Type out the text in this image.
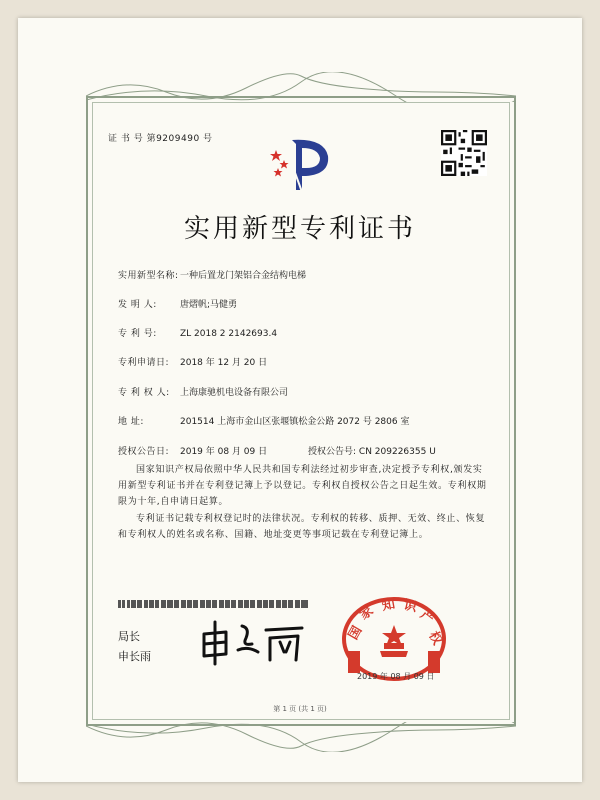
证 书 号 第9209490 号
实用新型专利证书
实用新型名称:一种后置龙门架铝合金结构电梯
发 明 人:	唐熠帆;马健勇
专 利 号:	ZL 2018 2 2142693.4
专利申请日: 2018 年 12 月 20 日
专 利 权 人: 上海康驰机电设备有限公司
地 址:	201514 上海市金山区张堰镇松金公路 2072 号 2806 室
授权公告日: 2019 年 08 月 09 日	授权公告号: CN 209226355 U
国家知识产权局依照中华人民共和国专利法经过初步审查,决定授予专利权,颁发实用新型专利证书并在专利登记簿上予以登记。专利权自授权公告之日起生效。专利权期限为十年,自申请日起算。
专利证书记载专利权登记时的法律状况。专利权的转移、质押、无效、终止、恢复和专利权人的姓名或名称、国籍、地址变更等事项记载在专利登记簿上。
局长
申长雨
国
家 知 识
产
权
2019 年 08 月 09 日
第 1 页 (共 1 页)
